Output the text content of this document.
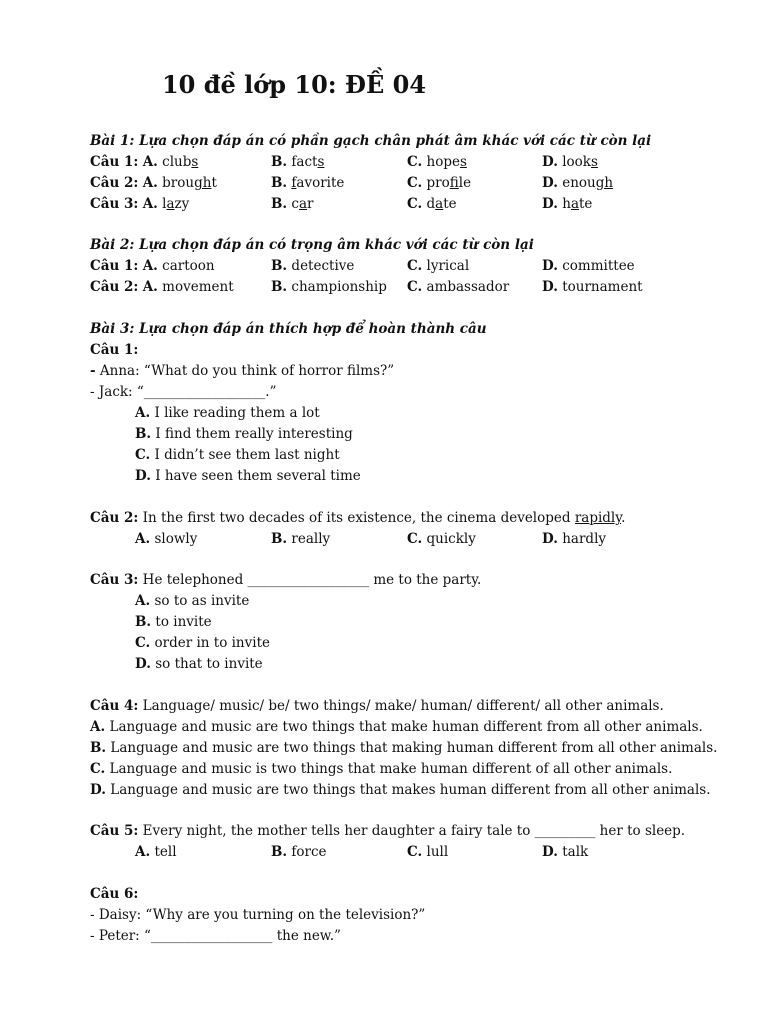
10 đề lớp 10: ĐỀ 04
Bài 1: Lựa chọn đáp án có phần gạch chân phát âm khác với các từ còn lại
Câu 1: A. clubs	B. facts	C. hopes	D. looks
Câu 2: A. brought	B. favorite	C. profile	D. enough
Câu 3: A. lazy	B. car	C. date	D. hate
Bài 2: Lựa chọn đáp án có trọng âm khác với các từ còn lại
Câu 1: A. cartoon	B. detective	C. lyrical	D. committee
Câu 2: A. movement	B. championship C. ambassador D. tournament
Bài 3: Lựa chọn đáp án thích hợp để hoàn thành câu
Câu 1:
- Anna: “What do you think of horror films?”
- Jack: “__________________.”
A. I like reading them a lot
B. I find them really interesting
C. I didn’t see them last night
D. I have seen them several time
Câu 2: In the first two decades of its existence, the cinema developed rapidly.
A. slowly	B. really	C. quickly	D. hardly
Câu 3: He telephoned __________________ me to the party.
A. so to as invite
B. to invite
C. order in to invite
D. so that to invite
Câu 4: Language/ music/ be/ two things/ make/ human/ different/ all other animals.
A. Language and music are two things that make human different from all other animals.
B. Language and music are two things that making human different from all other animals.
C. Language and music is two things that make human different of all other animals.
D. Language and music are two things that makes human different from all other animals.
Câu 5: Every night, the mother tells her daughter a fairy tale to _________ her to sleep.
A. tell	B. force	C. lull	D. talk
Câu 6:
- Daisy: “Why are you turning on the television?”
- Peter: “__________________ the new.”
